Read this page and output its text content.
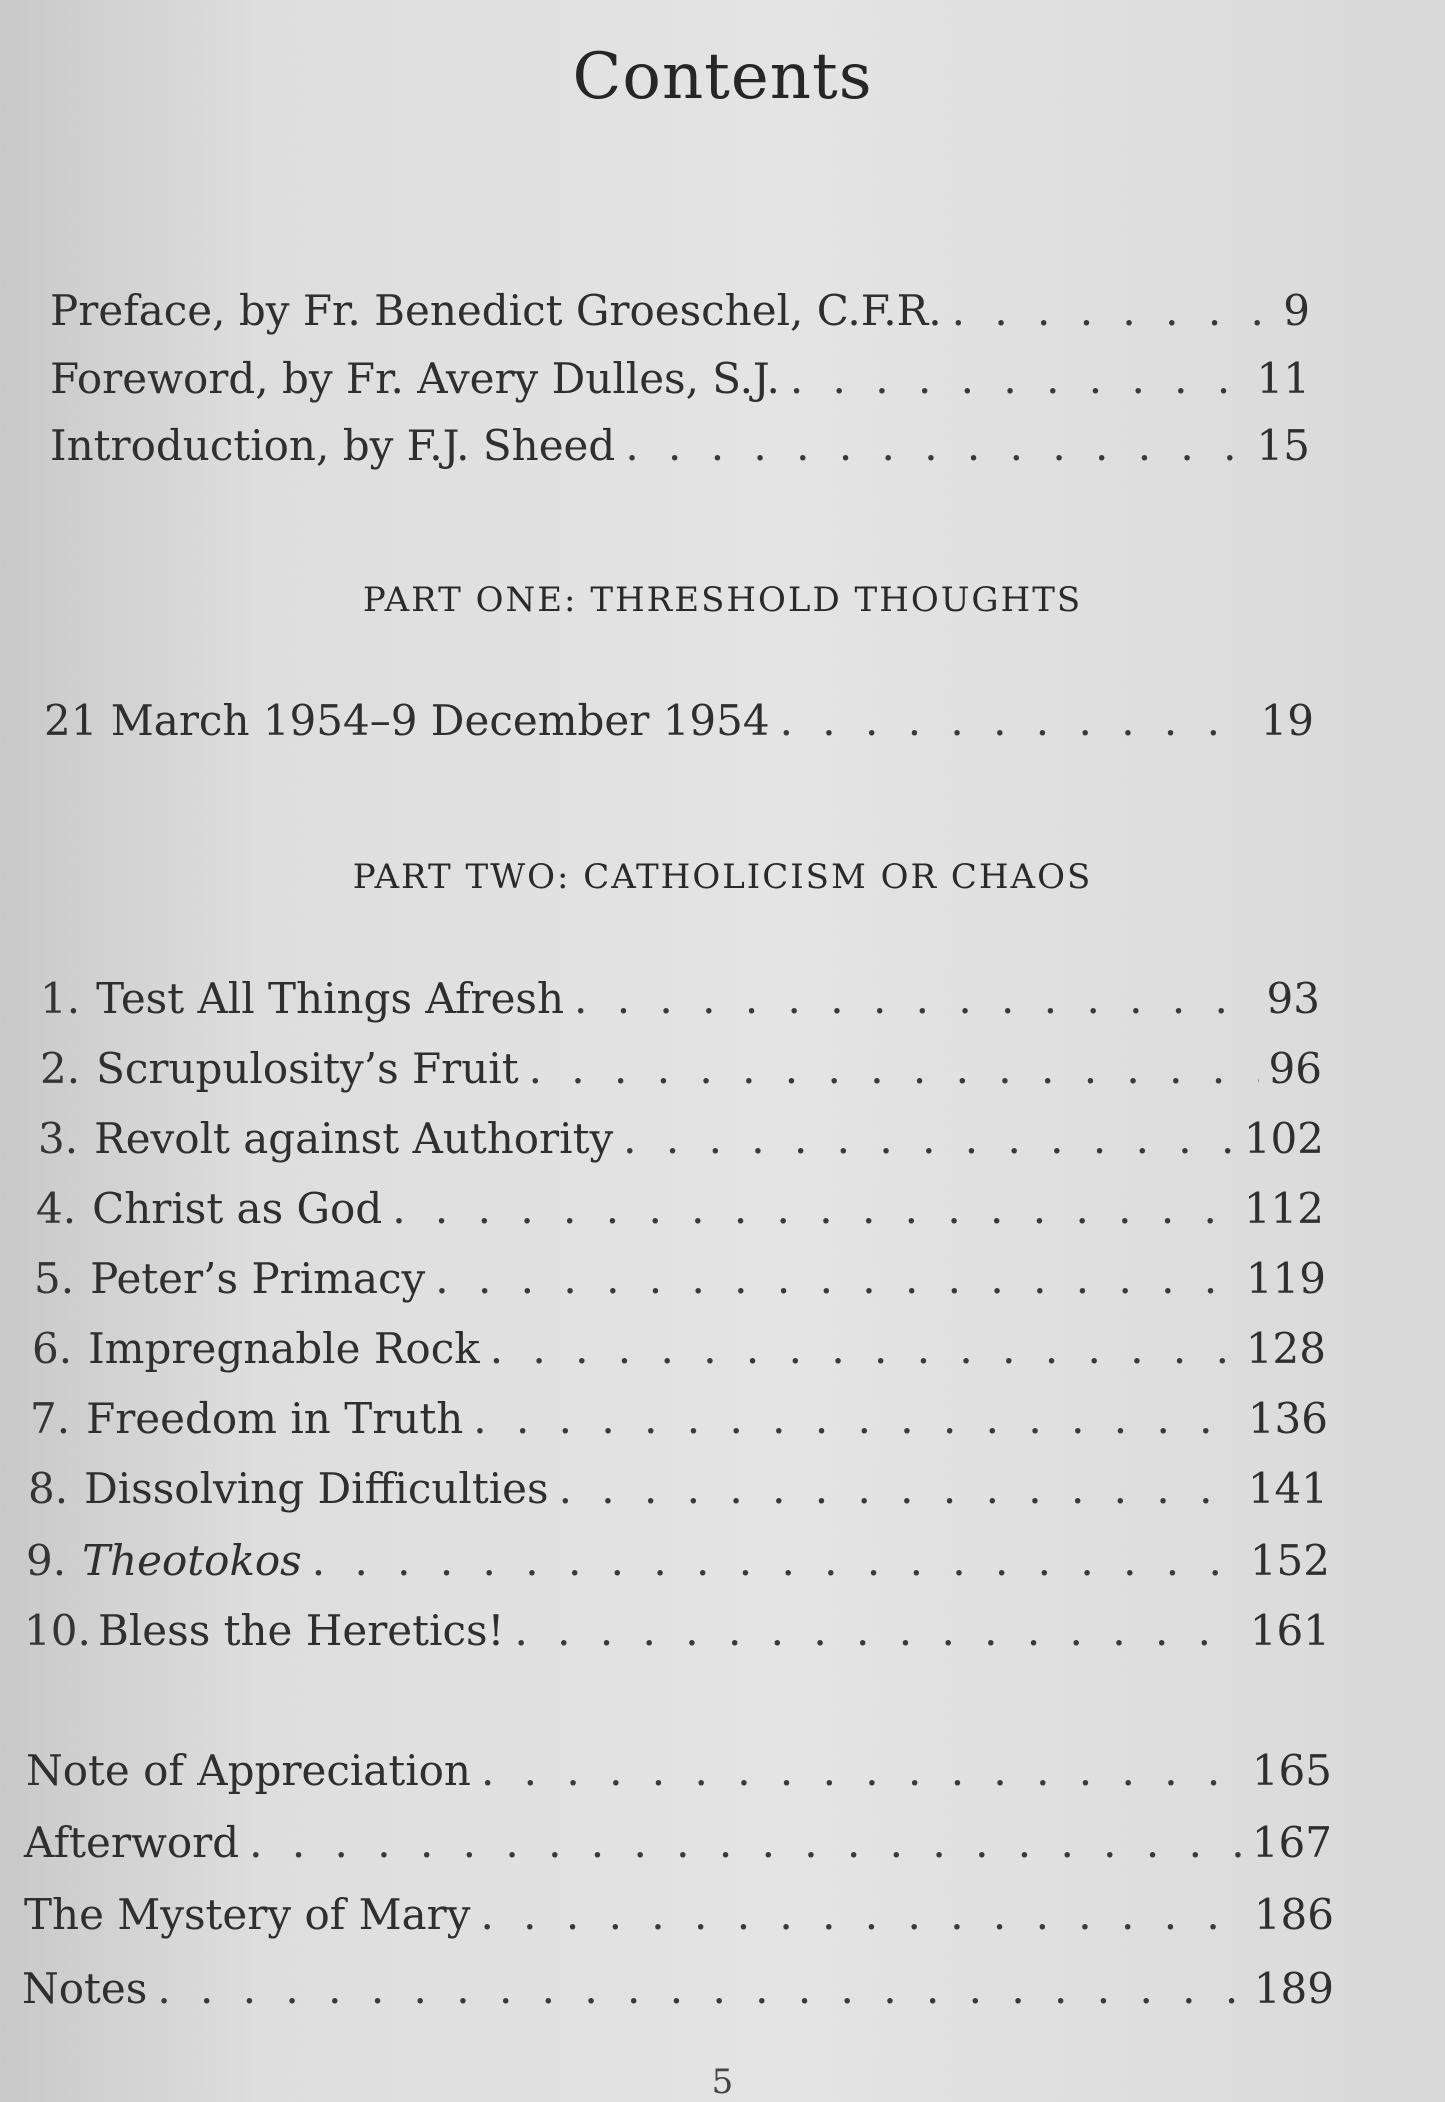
Contents
Preface, by Fr. Benedict Groeschel, C.F.R. . . .	9
Foreword, by Fr. Avery Dulles, S.J. . . .	11
Introduction, by F.J. Sheed . . .	15
PART ONE: THRESHOLD THOUGHTS
21 March 1954–9 December 1954 . . .	19
PART TWO: CATHOLICISM OR CHAOS
1. Test All Things Afresh . . .	93
2. Scrupulosity’s Fruit . . .	96
3. Revolt against Authority . . .	102
4. Christ as God . . .	112
5. Peter’s Primacy . . .	119
6. Impregnable Rock . . .	128
7. Freedom in Truth . . .	136
8. Dissolving Difficulties . . .	141
9. Theotokos . . .	152
10. Bless the Heretics! . . .	161
Note of Appreciation . . .	165
Afterword . . .	167
The Mystery of Mary . . .	186
Notes . . .	189
5
